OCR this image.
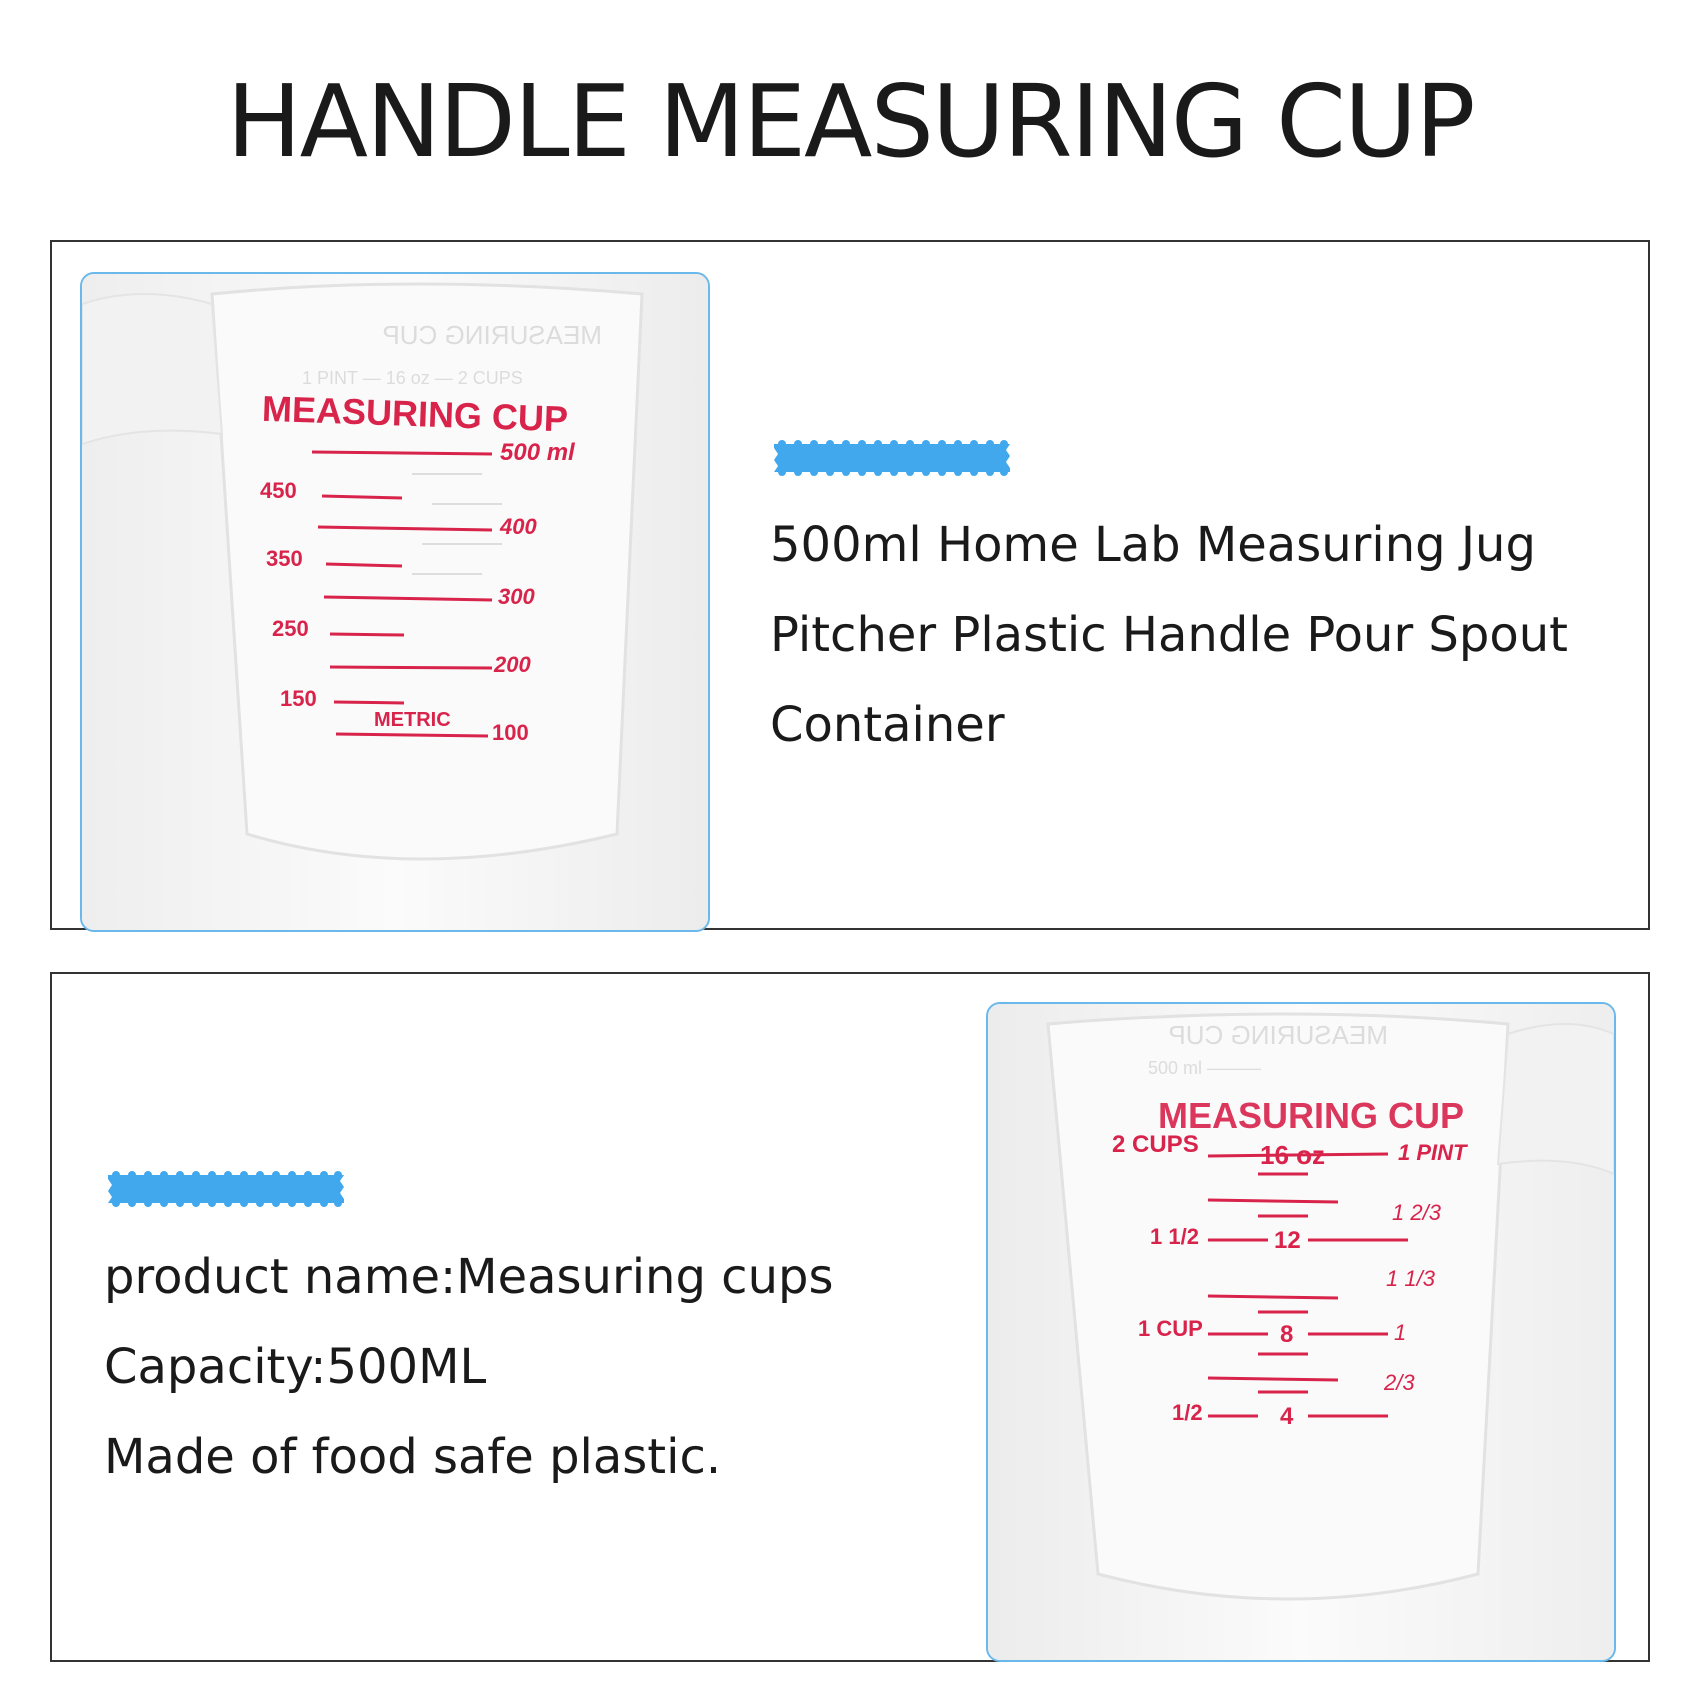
HANDLE MEASURING CUP
MEASURING CUP
1 PINT — 16 oz — 2 CUPS
MEASURING CUP
500 ml
450
350
250
150
400
300
200
100
METRIC
500ml Home Lab Measuring Jug
Pitcher Plastic Handle Pour Spout
Container
product name:Measuring cups
Capacity:500ML
Made of food safe plastic.
MEASURING CUP
500 ml ———
MEASURING CUP
2 CUPS
1 1/2
1 CUP
1/2
16 oz
12
8
4
1 PINT
1 2/3
1 1/3
1
2/3
